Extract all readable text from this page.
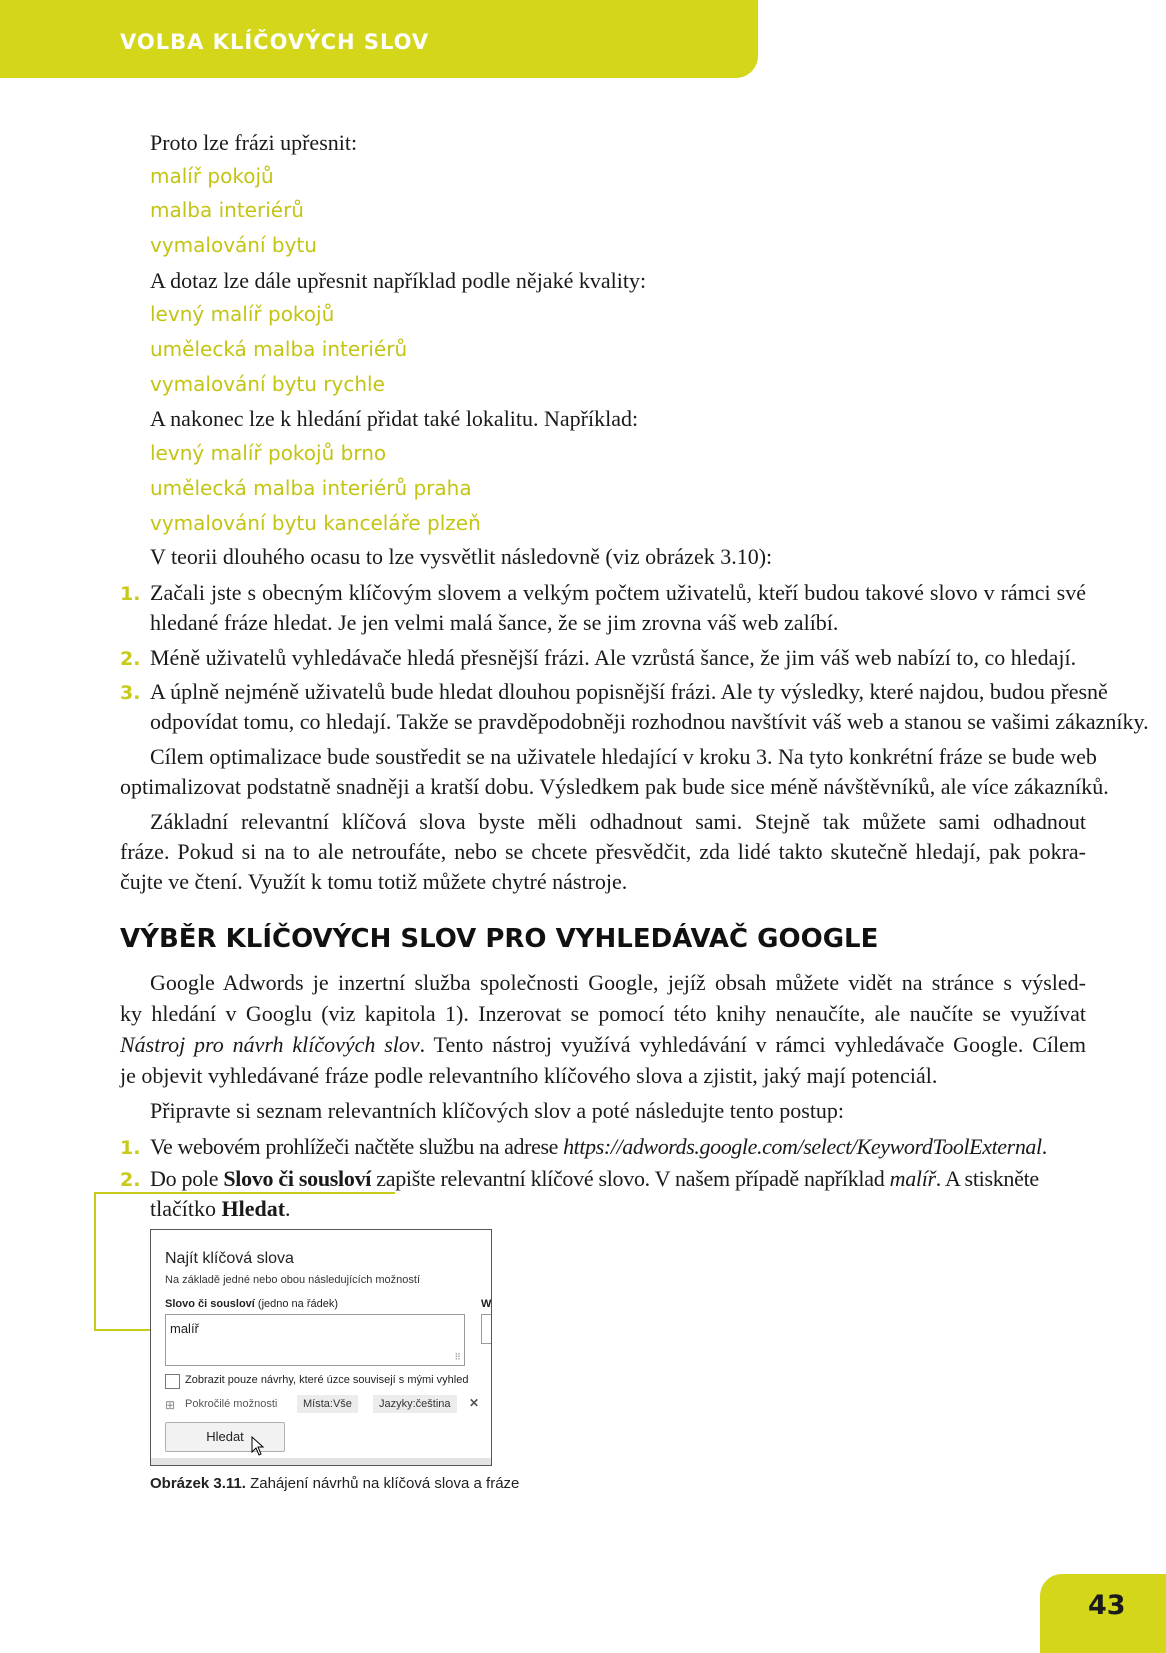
VOLBA KLÍČOVÝCH SLOV
Proto lze frázi upřesnit:
malíř pokojů
malba interiérů
vymalování bytu
A dotaz lze dále upřesnit například podle nějaké kvality:
levný malíř pokojů
umělecká malba interiérů
vymalování bytu rychle
A nakonec lze k hledání přidat také lokalitu. Například:
levný malíř pokojů brno
umělecká malba interiérů praha
vymalování bytu kanceláře plzeň
V teorii dlouhého ocasu to lze vysvětlit následovně (viz obrázek 3.10):
1. Začali jste s obecným klíčovým slovem a velkým počtem uživatelů, kteří budou takové slovo v rámci své
hledané fráze hledat. Je jen velmi malá šance, že se jim zrovna váš web zalíbí.
2. Méně uživatelů vyhledávače hledá přesnější frázi. Ale vzrůstá šance, že jim váš web nabízí to, co hledají.
3. A úplně nejméně uživatelů bude hledat dlouhou popisnější frázi. Ale ty výsledky, které najdou, budou přesně
odpovídat tomu, co hledají. Takže se pravděpodobněji rozhodnou navštívit váš web a stanou se vašimi zákazníky.
Cílem optimalizace bude soustředit se na uživatele hledající v kroku 3. Na tyto konkrétní fráze se bude web
optimalizovat podstatně snadněji a kratší dobu. Výsledkem pak bude sice méně návštěvníků, ale více zákazníků.
Základní relevantní klíčová slova byste měli odhadnout sami. Stejně tak můžete sami odhadnout
fráze. Pokud si na to ale netroufáte, nebo se chcete přesvědčit, zda lidé takto skutečně hledají, pak pokra-
čujte ve čtení. Využít k tomu totiž můžete chytré nástroje.
VÝBĚR KLÍČOVÝCH SLOV PRO VYHLEDÁVAČ GOOGLE
Google Adwords je inzertní služba společnosti Google, jejíž obsah můžete vidět na stránce s výsled-
ky hledání v Googlu (viz kapitola 1). Inzerovat se pomocí této knihy nenaučíte, ale naučíte se využívat
Nástroj pro návrh klíčových slov. Tento nástroj využívá vyhledávání v rámci vyhledávače Google. Cílem
je objevit vyhledávané fráze podle relevantního klíčového slova a zjistit, jaký mají potenciál.
Připravte si seznam relevantních klíčových slov a poté následujte tento postup:
1. Ve webovém prohlížeči načtěte službu na adrese https://adwords.google.com/select/KeywordToolExternal.
2. Do pole Slovo či sousloví zapište relevantní klíčové slovo. V našem případě například malíř. A stiskněte
tlačítko Hledat.
Najít klíčová slova
Na základě jedné nebo obou následujících možností
Slovo či sousloví (jedno na řádek)
malíř
⠿
W
Zobrazit pouze návrhy, které úzce souvisejí s mými vyhled
⊞ Pokročilé možnosti	Místa:Vše	Jazyky:čeština	✕
Hledat
Obrázek 3.11. Zahájení návrhů na klíčová slova a fráze
43
